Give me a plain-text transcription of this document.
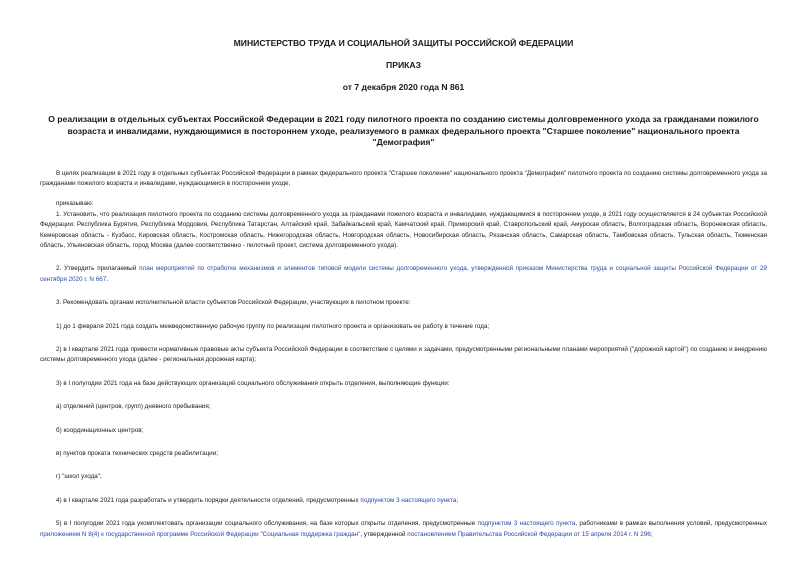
МИНИСТЕРСТВО ТРУДА И СОЦИАЛЬНОЙ ЗАЩИТЫ РОССИЙСКОЙ ФЕДЕРАЦИИ
ПРИКАЗ
от 7 декабря 2020 года N 861
О реализации в отдельных субъектах Российской Федерации в 2021 году пилотного проекта по созданию системы долговременного ухода за гражданами пожилого возраста и инвалидами, нуждающимися в постороннем уходе, реализуемого в рамках федерального проекта "Старшее поколение" национального проекта "Демография"

В целях реализации в 2021 году в отдельных субъектах Российской Федерации в рамках федерального проекта "Старшее поколение" национального проекта "Демография" пилотного проекта по созданию системы долговременного ухода за гражданами пожилого возраста и инвалидами, нуждающимися в постороннем уходе,

приказываю:

1. Установить, что реализация пилотного проекта по созданию системы долговременного ухода за гражданами пожилого возраста и инвалидами, нуждающимися в постороннем уходе, в 2021 году осуществляется в 24 субъектах Российской Федерации: Республика Бурятия, Республика Мордовия, Республика Татарстан, Алтайский край, Забайкальский край, Камчатский край, Приморский край, Ставропольский край, Амурская область, Волгоградская область, Воронежская область, Кемеровская область - Кузбасс, Кировская область, Костромская область, Нижегородская область, Новгородская область, Новосибирская область, Рязанская область, Самарская область, Тамбовская область, Тульская область, Тюменская область, Ульяновская область, город Москва (далее соответственно - пилотный проект, система долговременного ухода).

2. Утвердить прилагаемый план мероприятий по отработке механизмов и элементов типовой модели системы долговременного ухода, утвержденной приказом Министерства труда и социальной защиты Российской Федерации от 29 сентября 2020 г. N 667.

3. Рекомендовать органам исполнительной власти субъектов Российской Федерации, участвующих в пилотном проекте:

1) до 1 февраля 2021 года создать межведомственную рабочую группу по реализации пилотного проекта и организовать ее работу в течение года;

2) в I квартале 2021 года привести нормативные правовые акты субъекта Российской Федерации в соответствие с целями и задачами, предусмотренными региональными планами мероприятий ("дорожной картой") по созданию и внедрению системы долговременного ухода (далее - региональная дорожная карта);

3) в I полугодии 2021 года на базе действующих организаций социального обслуживания открыть отделения, выполняющие функции:

а) отделений (центров, групп) дневного пребывания;

б) координационных центров;

в) пунктов проката технических средств реабилитации;

г) "школ ухода";

4) в I квартале 2021 года разработать и утвердить порядки деятельности отделений, предусмотренных подпунктом 3 настоящего пункта;

5) в I полугодии 2021 года укомплектовать организации социального обслуживания, на базе которых открыты отделения, предусмотренные подпунктом 3 настоящего пункта, работниками в рамках выполнения условий, предусмотренных приложением N 8(4) к государственной программе Российской Федерации "Социальная поддержка граждан", утвержденной постановлением Правительства Российской Федерации от 15 апреля 2014 г. N 296;
